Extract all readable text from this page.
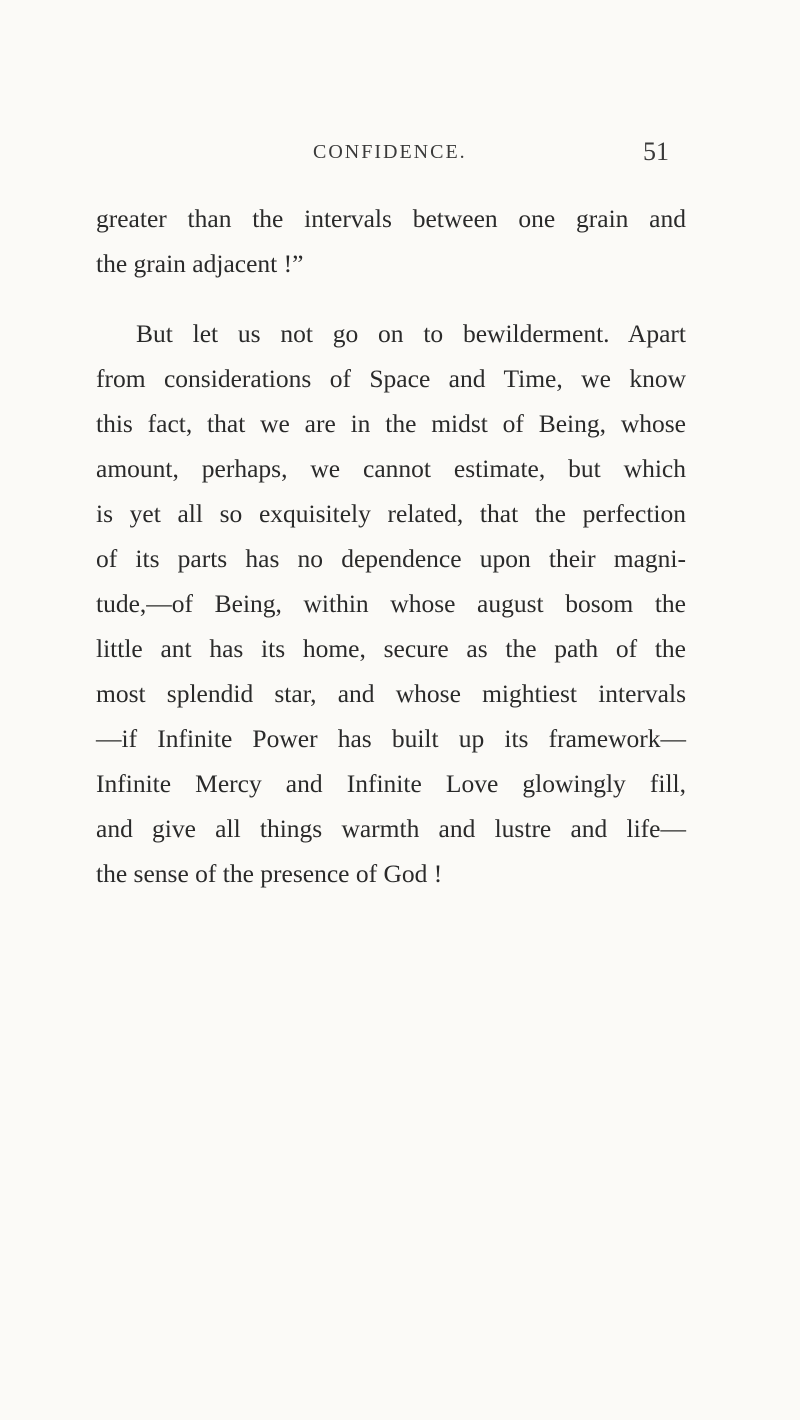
CONFIDENCE.	51
greater than the intervals between one grain and
the grain adjacent !”
But let us not go on to bewilderment. Apart
from considerations of Space and Time, we know
this fact, that we are in the midst of Being, whose
amount, perhaps, we cannot estimate, but which
is yet all so exquisitely related, that the perfection
of its parts has no dependence upon their magni-
tude,—of Being, within whose august bosom the
little ant has its home, secure as the path of the
most splendid star, and whose mightiest intervals
—if Infinite Power has built up its framework—
Infinite Mercy and Infinite Love glowingly fill,
and give all things warmth and lustre and life—
the sense of the presence of God !
